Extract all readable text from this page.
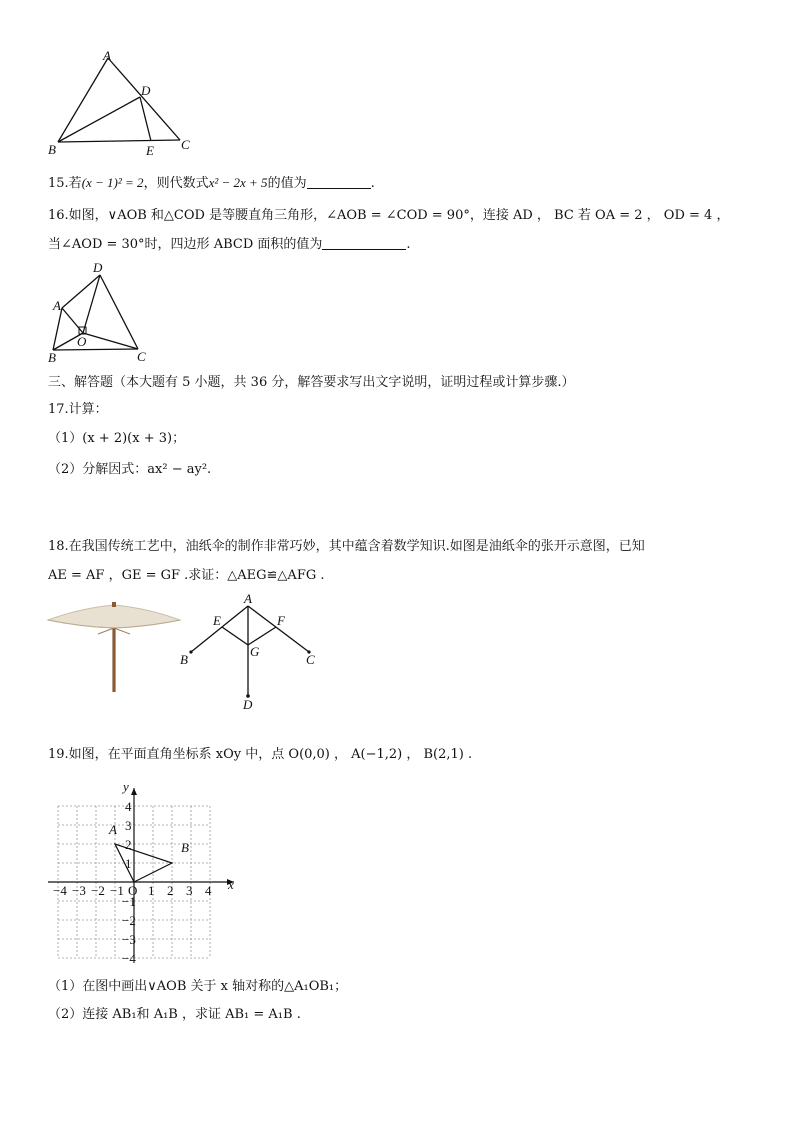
A
D
B	E C
15.若(x − 1)² = 2，则代数式x² − 2x + 5的值为	.
16.如图，∨AOB 和△COD 是等腰直角三角形，∠AOB = ∠COD = 90°，连接 AD ， BC 若 OA = 2 ， OD = 4 ，
当∠AOD = 30°时，四边形 ABCD 面积的值为	.
D
A
O
B	C
三、解答题（本大题有 5 小题，共 36 分，解答要求写出文字说明，证明过程或计算步骤.）
17.计算：
（1）(x + 2)(x + 3)；
（2）分解因式：ax² − ay².
18.在我国传统工艺中，油纸伞的制作非常巧妙，其中蕴含着数学知识.如图是油纸伞的张开示意图，已知
AE = AF ，GE = GF .求证：△AEG≌△AFG .
A
E	F
G
B	C
D
19.如图，在平面直角坐标系 xOy 中，点 O(0,0) ， A(−1,2) ， B(2,1) .
−4 −3 −2 −1 1 2 3 4
4
3
2
1
−1
−2
−3
−4
x
y
O
A
B
（1）在图中画出∨AOB 关于 x 轴对称的△A₁OB₁；
（2）连接 AB₁和 A₁B ，求证 AB₁ = A₁B .
